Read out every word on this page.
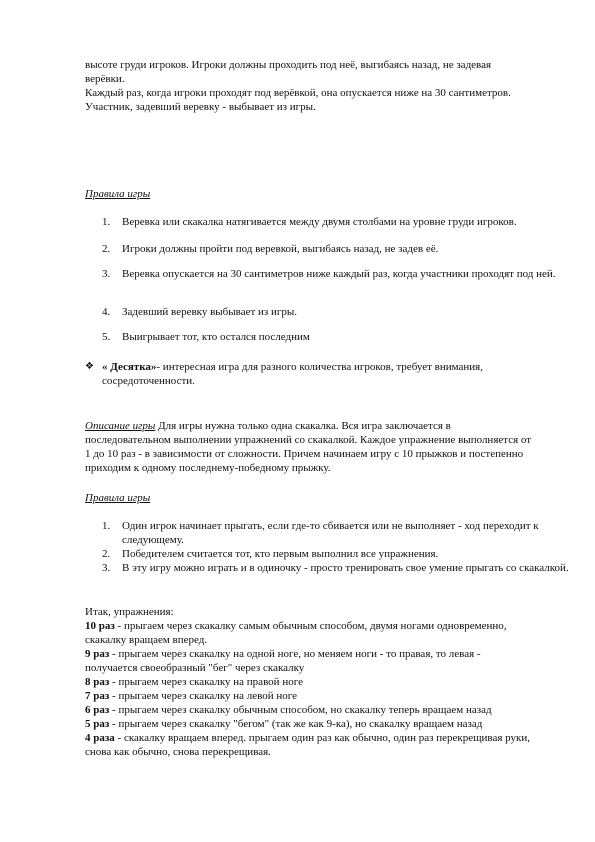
высоте груди игроков. Игроки должны проходить под неё, выгибаясь назад, не задевая верёвки.

Каждый раз, когда игроки проходят под верёвкой, она опускается ниже на 30 сантиметров.

Участник, задевший веревку - выбывает из игры.

Правила игры
1. Веревка или скакалка натягивается между двумя столбами на уровне груди игроков.
2. Игроки должны пройти под веревкой, выгибаясь назад, не задев её.
3. Веревка опускается на 30 сантиметров ниже каждый раз, когда участники проходят под ней.
4. Задевший веревку выбывает из игры.
5. Выигрывает тот, кто остался последним
❖ « Десятка»- интересная игра для разного количества игроков, требует внимания, сосредоточенности.
Описание игры Для игры нужна только одна скакалка. Вся игра заключается в последовательном выполнении упражнений со скакалкой. Каждое упражнение выполняется от 1 до 10 раз - в зависимости от сложности. Причем начинаем игру с 10 прыжков и постепенно приходим к одному последнему-победному прыжку.
Правила игры
1. Один игрок начинает прыгать, если где-то сбивается или не выполняет - ход переходит к следующему.
2. Победителем считается тот, кто первым выполнил все упражнения.
3. В эту игру можно играть и в одиночку - просто тренировать свое умение прыгать со скакалкой.

Итак, упражнения:

10 раз - прыгаем через скакалку самым обычным способом, двумя ногами одновременно, скакалку вращаем вперед.

9 раз - прыгаем через скакалку на одной ноге, но меняем ноги - то правая, то левая - получается своеобразный "бег" через скакалку

8 раз - прыгаем через скакалку на правой ноге

7 раз - прыгаем через скакалку на левой ноге

6 раз - прыгаем через скакалку обычным способом, но скакалку теперь вращаем назад

5 раз - прыгаем через скакалку "бегом" (так же как 9-ка), но скакалку вращаем назад

4 раза - скакалку вращаем вперед. прыгаем один раз как обычно, один раз перекрещивая руки, снова как обычно, снова перекрещивая.
